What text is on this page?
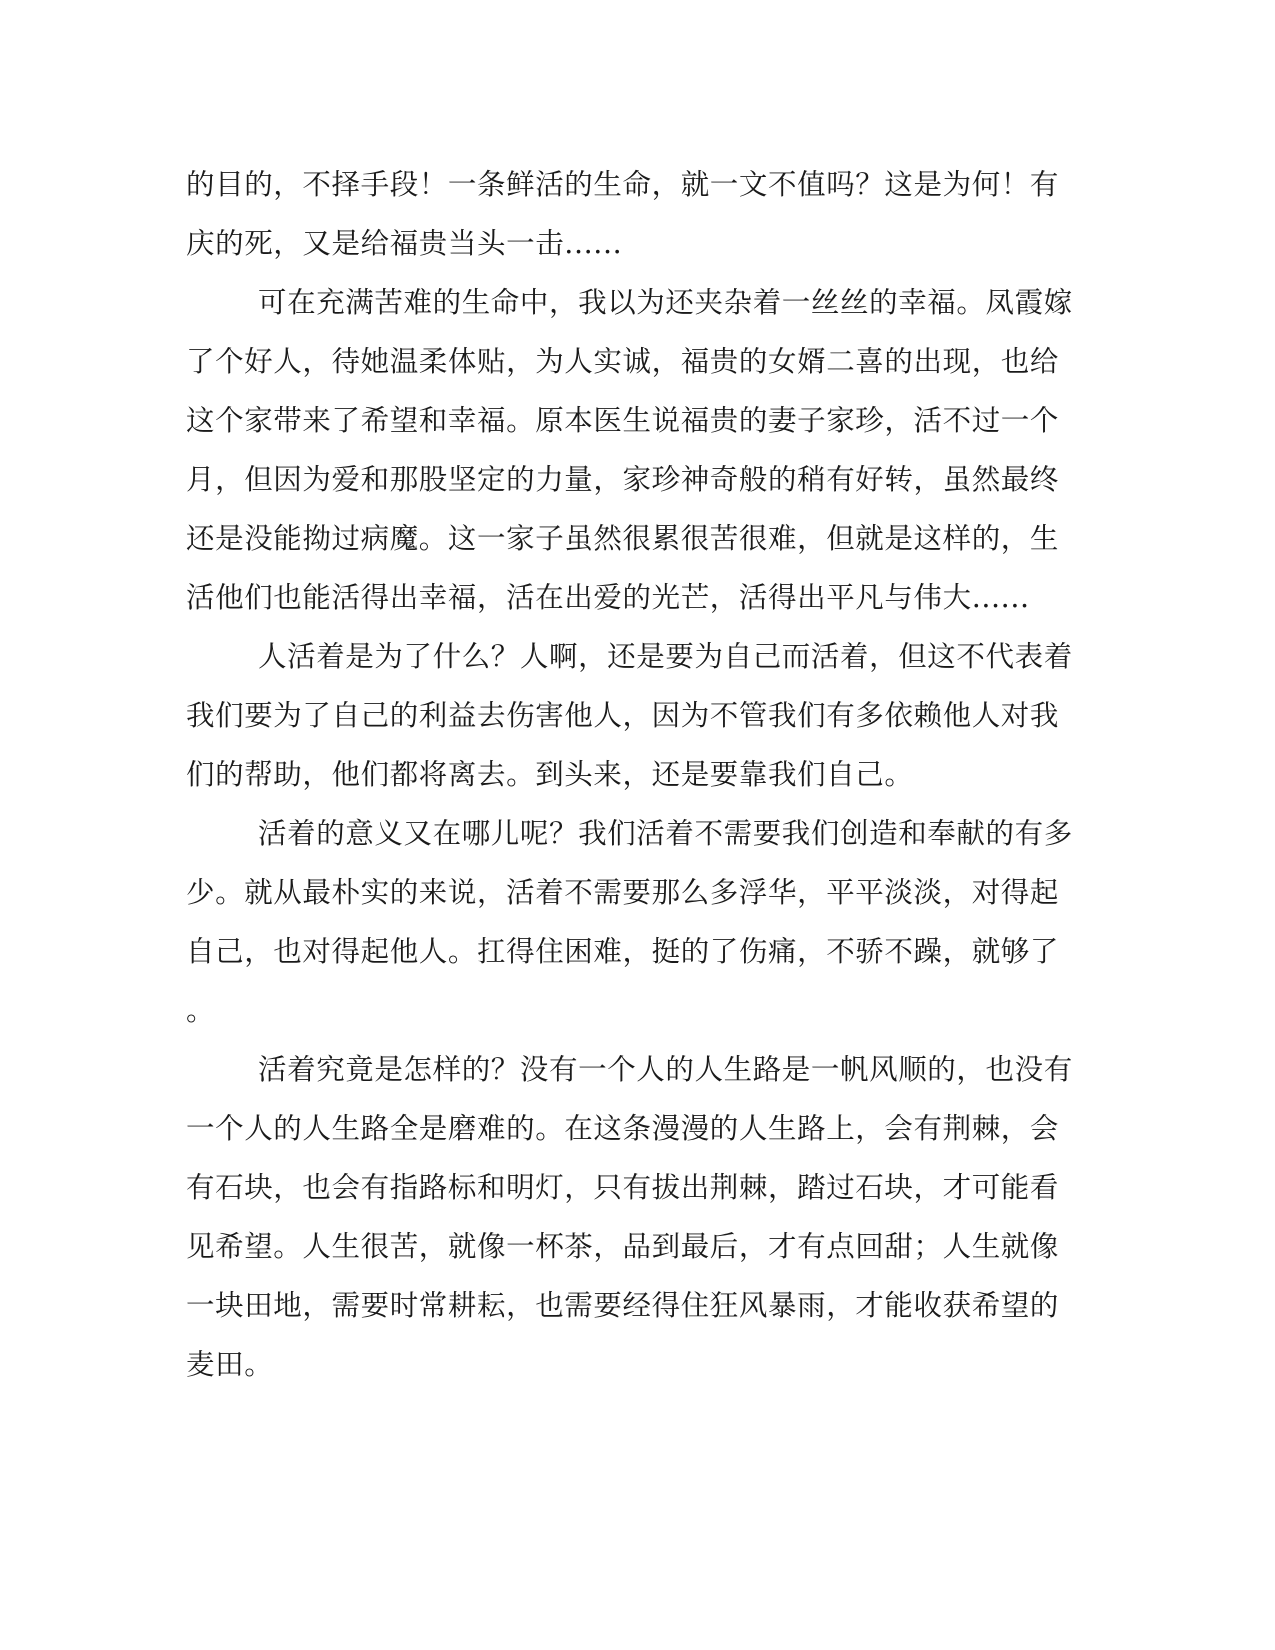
的目的，不择手段！一条鲜活的生命，就一文不值吗？这是为何！有
庆的死，又是给福贵当头一击......
可在充满苦难的生命中，我以为还夹杂着一丝丝的幸福。凤霞嫁
了个好人，待她温柔体贴，为人实诚，福贵的女婿二喜的出现，也给
这个家带来了希望和幸福。原本医生说福贵的妻子家珍，活不过一个
月，但因为爱和那股坚定的力量，家珍神奇般的稍有好转，虽然最终
还是没能拗过病魔。这一家子虽然很累很苦很难，但就是这样的，生
活他们也能活得出幸福，活在出爱的光芒，活得出平凡与伟大......
人活着是为了什么？人啊，还是要为自己而活着，但这不代表着
我们要为了自己的利益去伤害他人，因为不管我们有多依赖他人对我
们的帮助，他们都将离去。到头来，还是要靠我们自己。
活着的意义又在哪儿呢？我们活着不需要我们创造和奉献的有多
少。就从最朴实的来说，活着不需要那么多浮华，平平淡淡，对得起
自己，也对得起他人。扛得住困难，挺的了伤痛，不骄不躁，就够了
。
活着究竟是怎样的？没有一个人的人生路是一帆风顺的，也没有
一个人的人生路全是磨难的。在这条漫漫的人生路上，会有荆棘，会
有石块，也会有指路标和明灯，只有拔出荆棘，踏过石块，才可能看
见希望。人生很苦，就像一杯茶，品到最后，才有点回甜；人生就像
一块田地，需要时常耕耘，也需要经得住狂风暴雨，才能收获希望的
麦田。
